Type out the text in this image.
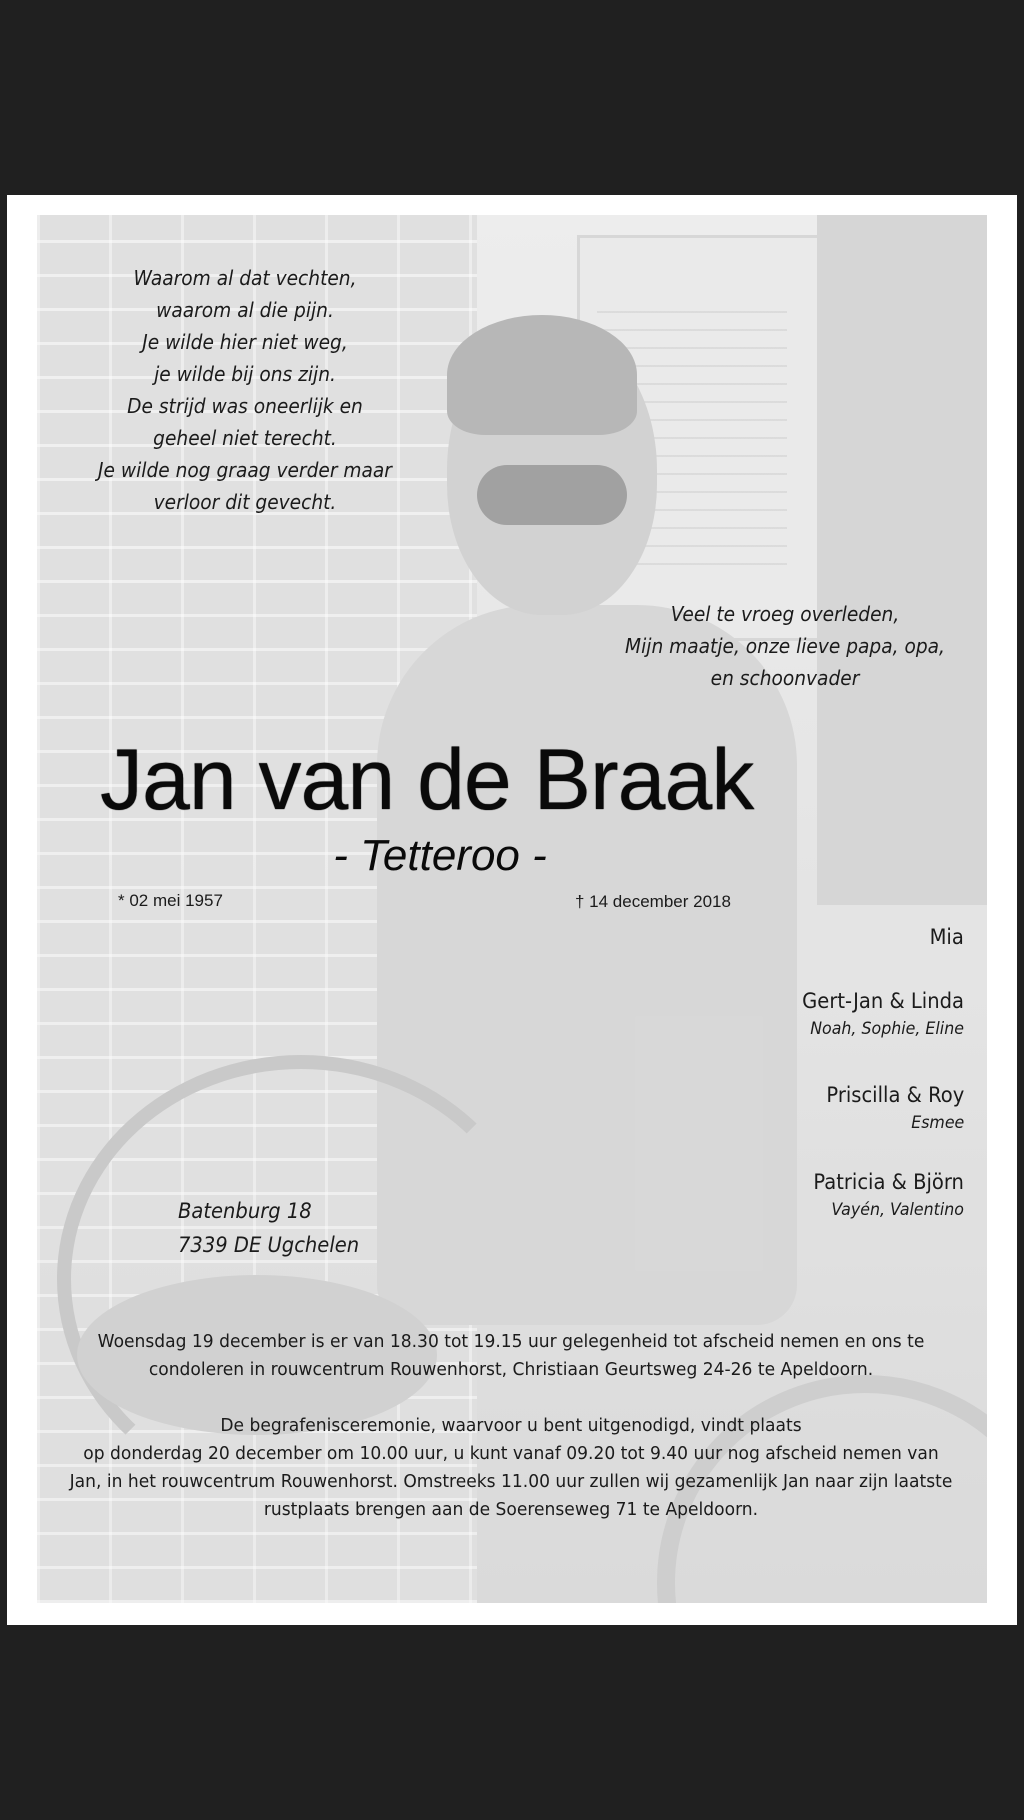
Waarom al dat vechten,
waarom al die pijn.
Je wilde hier niet weg,
je wilde bij ons zijn.
De strijd was oneerlijk en
geheel niet terecht.
Je wilde nog graag verder maar
verloor dit gevecht.
Veel te vroeg overleden,
Mijn maatje, onze lieve papa, opa,
en schoonvader
Jan van de Braak
- Tetteroo -
* 02 mei 1957	† 14 december 2018
Mia
Gert-Jan & Linda
Noah, Sophie, Eline
Priscilla & Roy
Esmee
Patricia & Björn
Vayén, Valentino
Batenburg 18
7339 DE Ugchelen
Woensdag 19 december is er van 18.30 tot 19.15 uur gelegenheid tot afscheid nemen en ons te
condoleren in rouwcentrum Rouwenhorst, Christiaan Geurtsweg 24-26 te Apeldoorn.
De begrafenisceremonie, waarvoor u bent uitgenodigd, vindt plaats
op donderdag 20 december om 10.00 uur, u kunt vanaf 09.20 tot 9.40 uur nog afscheid nemen van
Jan, in het rouwcentrum Rouwenhorst. Omstreeks 11.00 uur zullen wij gezamenlijk Jan naar zijn laatste
rustplaats brengen aan de Soerenseweg 71 te Apeldoorn.
